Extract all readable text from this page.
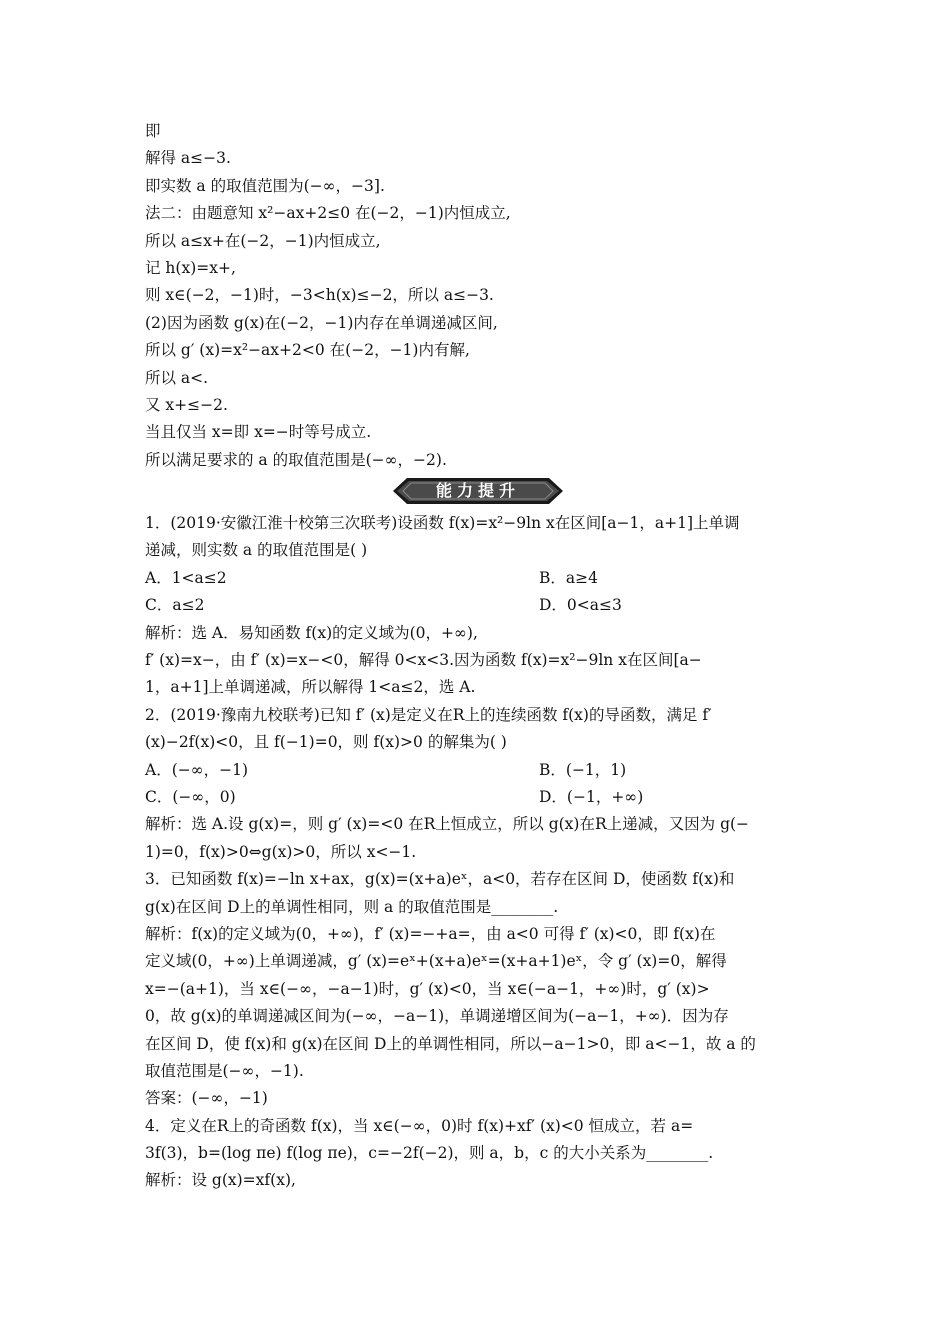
即
解得 a≤−3.
即实数 a 的取值范围为(−∞，−3].
法二：由题意知 x²−ax+2≤0 在(−2，−1)内恒成立,
所以 a≤x+在(−2，−1)内恒成立,
记 h(x)=x+,
则 x∈(−2，−1)时，−3<h(x)≤−2，所以 a≤−3.
(2)因为函数 g(x)在(−2，−1)内存在单调递减区间,
所以 g′ (x)=x²−ax+2<0 在(−2，−1)内有解,
所以 a<.
又 x+≤−2.
当且仅当 x=即 x=−时等号成立.
所以满足要求的 a 的取值范围是(−∞，−2).
能力提升
1．(2019·安徽江淮十校第三次联考)设函数 f(x)=x²−9ln x在区间[a−1，a+1]上单调
递减，则实数 a 的取值范围是( )
A．1<a≤2	B．a≥4
C．a≤2	D．0<a≤3
解析：选 A．易知函数 f(x)的定义域为(0，+∞),
f′ (x)=x−，由 f′ (x)=x−<0，解得 0<x<3.因为函数 f(x)=x²−9ln x在区间[a−
1，a+1]上单调递减，所以解得 1<a≤2，选 A.
2．(2019·豫南九校联考)已知 f′ (x)是定义在R上的连续函数 f(x)的导函数，满足 f′
(x)−2f(x)<0，且 f(−1)=0，则 f(x)>0 的解集为( )
A．(−∞，−1)	B．(−1，1)
C．(−∞，0)	D．(−1，+∞)
解析：选 A.设 g(x)=，则 g′ (x)=<0 在R上恒成立，所以 g(x)在R上递减，又因为 g(−
1)=0，f(x)>0⇔g(x)>0，所以 x<−1.
3．已知函数 f(x)=−ln x+ax，g(x)=(x+a)eˣ，a<0，若存在区间 D，使函数 f(x)和
g(x)在区间 D上的单调性相同，则 a 的取值范围是________.
解析：f(x)的定义域为(0，+∞)，f′ (x)=−+a=，由 a<0 可得 f′ (x)<0，即 f(x)在
定义域(0，+∞)上单调递减，g′ (x)=eˣ+(x+a)eˣ=(x+a+1)eˣ，令 g′ (x)=0，解得
x=−(a+1)，当 x∈(−∞，−a−1)时，g′ (x)<0，当 x∈(−a−1，+∞)时，g′ (x)>
0，故 g(x)的单调递减区间为(−∞，−a−1)，单调递增区间为(−a−1，+∞)．因为存
在区间 D，使 f(x)和 g(x)在区间 D上的单调性相同，所以−a−1>0，即 a<−1，故 a 的
取值范围是(−∞，−1).
答案：(−∞，−1)
4．定义在R上的奇函数 f(x)，当 x∈(−∞，0)时 f(x)+xf′ (x)<0 恒成立，若 a=
3f(3)，b=(log πe) f(log πe)，c=−2f(−2)，则 a，b，c 的大小关系为________.
解析：设 g(x)=xf(x),
